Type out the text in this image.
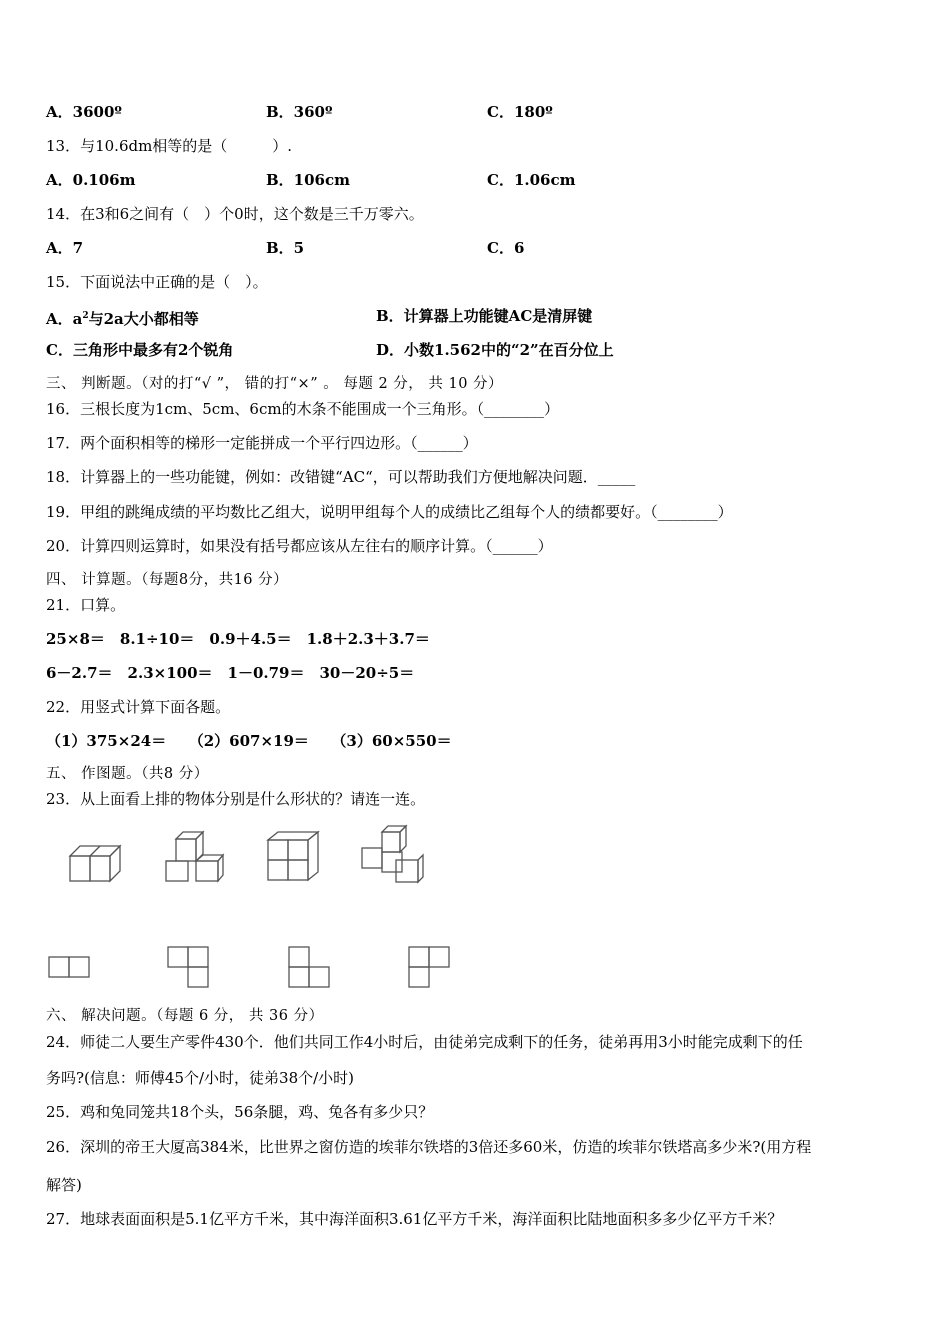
A．3600º	B．360º	C．180º
13．与10.6dm相等的是（　　　）.
A．0.106m	B．106cm	C．1.06cm
14．在3和6之间有（　）个0时，这个数是三千万零六。
A．7	B．5	C．6
15．下面说法中正确的是（　）。
A．$a^2$与2a大小都相等	B．计算器上功能键AC是清屏键
C．三角形中最多有2个锐角	D．小数1.562中的“2”在百分位上
三、 判断题。（对的打“√ ”， 错的打“×” 。 每题 2 分， 共 10 分）
16．三根长度为1cm、5cm、6cm的木条不能围成一个三角形。（________）
17．两个面积相等的梯形一定能拼成一个平行四边形。（______）
18．计算器上的一些功能键，例如：改错键“AC“，可以帮助我们方便地解决问题．_____
19．甲组的跳绳成绩的平均数比乙组大，说明甲组每个人的成绩比乙组每个人的绩都要好。（________）
20．计算四则运算时，如果没有括号都应该从左往右的顺序计算。（______）
四、 计算题。（每题8分，共16 分）
21．口算。
25×8＝　8.1÷10＝　0.9＋4.5＝　1.8＋2.3＋3.7＝
6－2.7＝　2.3×100＝　1－0.79＝　30－20÷5＝
22．用竖式计算下面各题。
（1）375×24＝　　（2）607×19＝　　（3）60×550＝
五、 作图题。（共8 分）
23．从上面看上排的物体分别是什么形状的？请连一连。
六、 解决问题。（每题 6 分， 共 36 分）
24．师徒二人要生产零件430个．他们共同工作4小时后，由徒弟完成剩下的任务，徒弟再用3小时能完成剩下的任
务吗?(信息：师傅45个/小时，徒弟38个/小时)
25．鸡和兔同笼共18个头，56条腿，鸡、兔各有多少只？
26．深圳的帝王大厦高384米，比世界之窗仿造的埃菲尔铁塔的3倍还多60米，仿造的埃菲尔铁塔高多少米?(用方程
解答)
27．地球表面面积是5.1亿平方千米，其中海洋面积3.61亿平方千米，海洋面积比陆地面积多多少亿平方千米？
